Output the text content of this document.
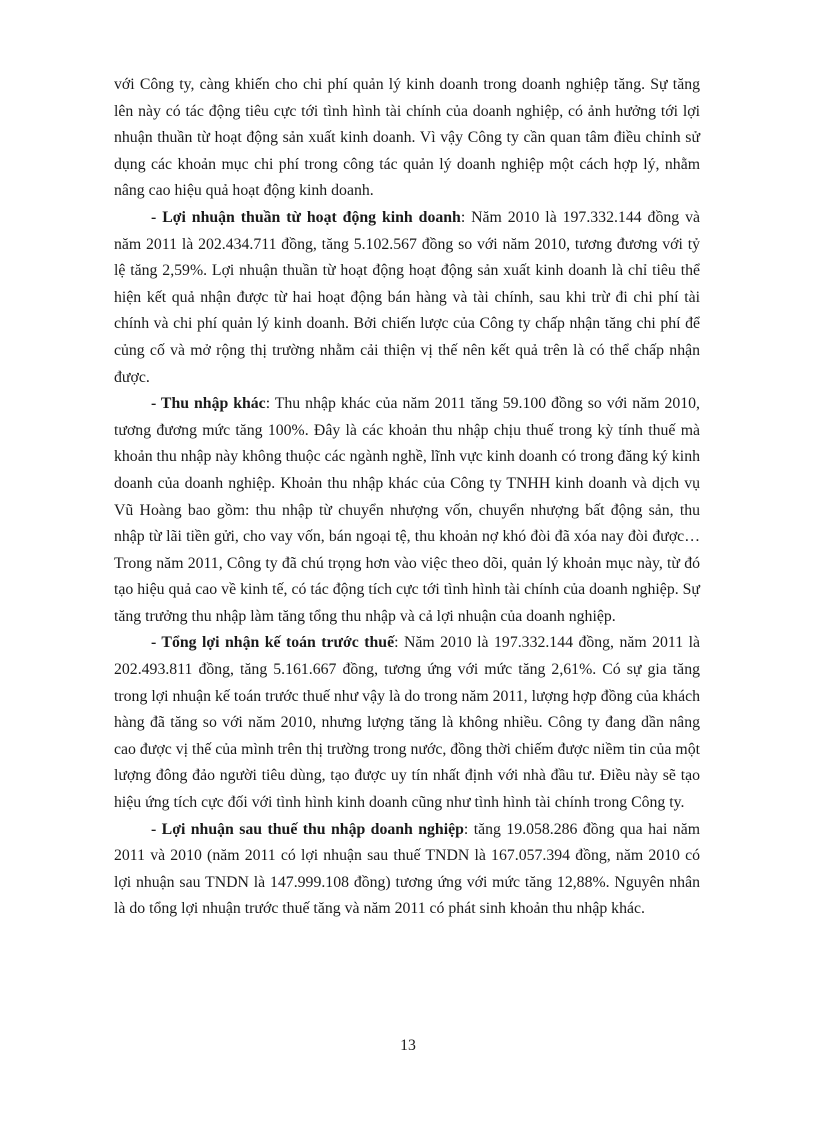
với Công ty, càng khiến cho chi phí quản lý kinh doanh trong doanh nghiệp tăng. Sự tăng lên này có tác động tiêu cực tới tình hình tài chính của doanh nghiệp, có ảnh hưởng tới lợi nhuận thuần từ hoạt động sản xuất kinh doanh. Vì vậy Công ty cần quan tâm điều chỉnh sử dụng các khoản mục chi phí trong công tác quản lý doanh nghiệp một cách hợp lý, nhằm nâng cao hiệu quả hoạt động kinh doanh.

- Lợi nhuận thuần từ hoạt động kinh doanh: Năm 2010 là 197.332.144 đồng và năm 2011 là 202.434.711 đồng, tăng 5.102.567 đồng so với năm 2010, tương đương với tỷ lệ tăng 2,59%. Lợi nhuận thuần từ hoạt động hoạt động sản xuất kinh doanh là chỉ tiêu thể hiện kết quả nhận được từ hai hoạt động bán hàng và tài chính, sau khi trừ đi chi phí tài chính và chi phí quản lý kinh doanh. Bởi chiến lược của Công ty chấp nhận tăng chi phí để củng cố và mở rộng thị trường nhằm cải thiện vị thế nên kết quả trên là có thể chấp nhận được.

- Thu nhập khác: Thu nhập khác của năm 2011 tăng 59.100 đồng so với năm 2010, tương đương mức tăng 100%. Đây là các khoản thu nhập chịu thuế trong kỳ tính thuế mà khoản thu nhập này không thuộc các ngành nghề, lĩnh vực kinh doanh có trong đăng ký kinh doanh của doanh nghiệp. Khoản thu nhập khác của Công ty TNHH kinh doanh và dịch vụ Vũ Hoàng bao gồm: thu nhập từ chuyển nhượng vốn, chuyển nhượng bất động sản, thu nhập từ lãi tiền gửi, cho vay vốn, bán ngoại tệ, thu khoản nợ khó đòi đã xóa nay đòi được… Trong năm 2011, Công ty đã chú trọng hơn vào việc theo dõi, quản lý khoản mục này, từ đó tạo hiệu quả cao về kinh tế, có tác động tích cực tới tình hình tài chính của doanh nghiệp. Sự tăng trưởng thu nhập làm tăng tổng thu nhập và cả lợi nhuận của doanh nghiệp.

- Tổng lợi nhận kế toán trước thuế: Năm 2010 là 197.332.144 đồng, năm 2011 là 202.493.811 đồng, tăng 5.161.667 đồng, tương ứng với mức tăng 2,61%. Có sự gia tăng trong lợi nhuận kế toán trước thuế như vậy là do trong năm 2011, lượng hợp đồng của khách hàng đã tăng so với năm 2010, nhưng lượng tăng là không nhiều. Công ty đang dần nâng cao được vị thế của mình trên thị trường trong nước, đồng thời chiếm được niềm tin của một lượng đông đảo người tiêu dùng, tạo được uy tín nhất định với nhà đầu tư. Điều này sẽ tạo hiệu ứng tích cực đối với tình hình kinh doanh cũng như tình hình tài chính trong Công ty.

- Lợi nhuận sau thuế thu nhập doanh nghiệp: tăng 19.058.286 đồng qua hai năm 2011 và 2010 (năm 2011 có lợi nhuận sau thuế TNDN là 167.057.394 đồng, năm 2010 có lợi nhuận sau TNDN là 147.999.108 đồng) tương ứng với mức tăng 12,88%. Nguyên nhân là do tổng lợi nhuận trước thuế tăng và năm 2011 có phát sinh khoản thu nhập khác.

13
